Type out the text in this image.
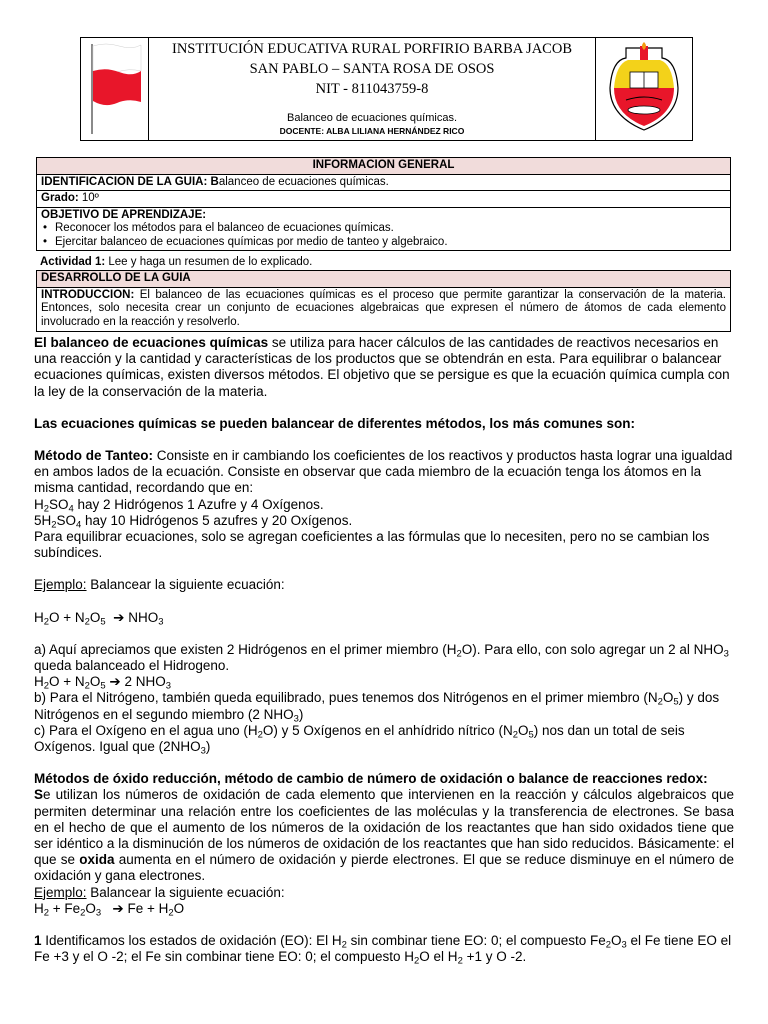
INSTITUCIÓN EDUCATIVA RURAL PORFIRIO BARBA JACOB
SAN PABLO – SANTA ROSA DE OSOS
NIT - 811043759-8
Balanceo de ecuaciones químicas.
DOCENTE: ALBA LILIANA HERNÁNDEZ RICO
INFORMACION GENERAL
IDENTIFICACION DE LA GUIA: Balanceo de ecuaciones químicas.
Grado: 10º
OBJETIVO DE APRENDIZAJE:
• Reconocer los métodos para el balanceo de ecuaciones químicas.
• Ejercitar balanceo de ecuaciones químicas por medio de tanteo y algebraico.
Actividad 1: Lee y haga un resumen de lo explicado.
DESARROLLO DE LA GUIA
INTRODUCCION: El balanceo de las ecuaciones químicas es el proceso que permite garantizar la conservación de la materia. Entonces, solo necesita crear un conjunto de ecuaciones algebraicas que expresen el número de átomos de cada elemento involucrado en la reacción y resolverlo.

El balanceo de ecuaciones químicas se utiliza para hacer cálculos de las cantidades de reactivos necesarios en una reacción y la cantidad y características de los productos que se obtendrán en esta. Para equilibrar o balancear ecuaciones químicas, existen diversos métodos. El objetivo que se persigue es que la ecuación química cumpla con la ley de la conservación de la materia.

Las ecuaciones químicas se pueden balancear de diferentes métodos, los más comunes son:

Método de Tanteo: Consiste en ir cambiando los coeficientes de los reactivos y productos hasta lograr una igualdad en ambos lados de la ecuación. Consiste en observar que cada miembro de la ecuación tenga los átomos en la misma cantidad, recordando que en:

$H_2SO_4$ hay 2 Hidrógenos 1 Azufre y 4 Oxígenos.

$5H_2SO_4$ hay 10 Hidrógenos 5 azufres y 20 Oxígenos.

Para equilibrar ecuaciones, solo se agregan coeficientes a las fórmulas que lo necesiten, pero no se cambian los subíndices.

Ejemplo: Balancear la siguiente ecuación:

$H_2O + N_2O_5$ ➔ $NHO_3$

a) Aquí apreciamos que existen 2 Hidrógenos en el primer miembro $(H_2O)$. Para ello, con solo agregar un 2 al $NHO_3$ queda balanceado el Hidrogeno.

$H_2O + N_2O_5$ ➔ 2 $NHO_3$

b) Para el Nitrógeno, también queda equilibrado, pues tenemos dos Nitrógenos en el primer miembro $(N_2O_5)$ y dos Nitrógenos en el segundo miembro (2 $NHO_3$)

c) Para el Oxígeno en el agua uno $(H_2O)$ y 5 Oxígenos en el anhídrido nítrico $(N_2O_5)$ nos dan un total de seis Oxígenos. Igual que $(2NHO_3)$

Métodos de óxido reducción, método de cambio de número de oxidación o balance de reacciones redox:

Se utilizan los números de oxidación de cada elemento que intervienen en la reacción y cálculos algebraicos que permiten determinar una relación entre los coeficientes de las moléculas y la transferencia de electrones. Se basa en el hecho de que el aumento de los números de la oxidación de los reactantes que han sido oxidados tiene que ser idéntico a la disminución de los números de oxidación de los reactantes que han sido reducidos. Básicamente: el que se oxida aumenta en el número de oxidación y pierde electrones. El que se reduce disminuye en el número de oxidación y gana electrones.

Ejemplo: Balancear la siguiente ecuación:

$H_2 + Fe_2O_3$ ➔ $Fe + H_2O$

1 Identificamos los estados de oxidación (EO): El $H_2$ sin combinar tiene EO: 0; el compuesto $Fe_2O_3$ el Fe tiene EO el Fe +3 y el O -2; el Fe sin combinar tiene EO: 0; el compuesto $H_2O$ el $H_2 +1$ y O -2.
